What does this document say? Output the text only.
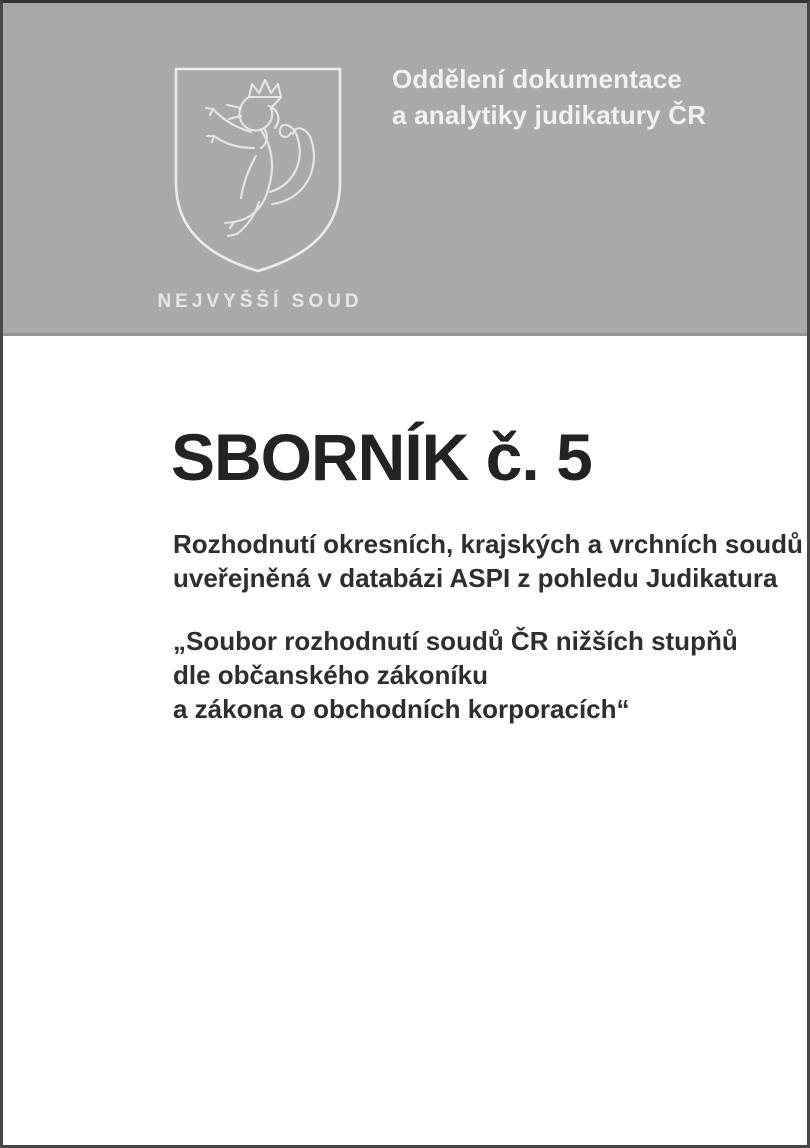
Oddělení dokumentace
a analytiky judikatury ČR
NEJVYŠŠÍ SOUD
SBORNÍK č. 5
Rozhodnutí okresních, krajských a vrchních soudů
uveřejněná v databázi ASPI z pohledu Judikatura
„Soubor rozhodnutí soudů ČR nižších stupňů
dle občanského zákoníku
a zákona o obchodních korporacích“
